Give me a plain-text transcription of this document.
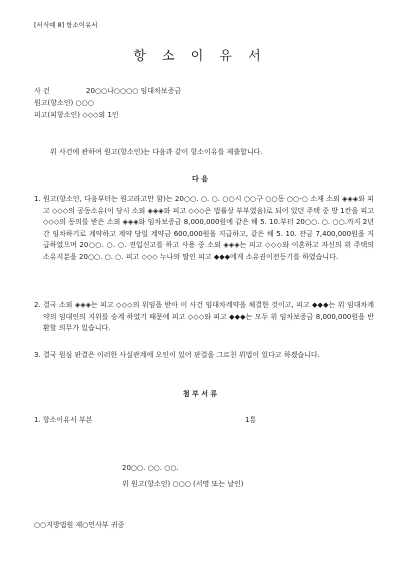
[서식예 8] 항소이유서
항 소 이 유 서
사 건	20○○나○○○○ 임대차보증금
원고(항소인) ○○○
피고(피항소인) ◇◇◇외 1인
위 사건에 관하여 원고(항소인)는 다음과 같이 항소이유를 제출합니다.
다 음
1. 원고(항소인, 다음부터는 원고라고만 함)는 20○○. ○. ○. ○○시 ○○구 ○○동 ○○-○ 소재 소외 ◈◈◈와 피고 ◇◇◇의 공동소유(이 당시 소외 ◈◈◈와 피고 ◇◇◇은 법률상 부부였음)로 되어 있던 주택 중 방 1칸을 피고 ◇◇◇의 동의를 받은 소외 ◈◈◈와 임차보증금 8,000,000원에 같은 해 5. 10.부터 20○○. ○. ○○.까지 2년간 임차하기로 계약하고 계약 당일 계약금 600,000원을 지급하고, 같은 해 5. 10. 잔금 7,400,000원을 지급하였으며 20○○. ○. ○. 전입신고를 하고 사용 중 소외 ◈◈◈는 피고 ◇◇◇와 이혼하고 자신의 위 주택의 소유지분을 20○○. ○. ○. 피고 ◇◇◇ 누나의 딸인 피고 ◆◆◆에게 소유권이전등기를 하였습니다.
2. 결국 소외 ◈◈◈는 피고 ◇◇◇의 위임을 받아 이 사건 임대차계약을 체결한 것이고, 피고 ◆◆◆는 위 임대차계약의 임대인의 지위를 승계 하였기 때문에 피고 ◇◇◇와 피고 ◆◆◆는 모두 위 임차보증금 8,000,000원을 반환할 의무가 있습니다.
3. 결국 원심 판결은 이러한 사실관계에 오인이 있어 판결을 그르친 위법이 있다고 하겠습니다.
첨 부 서 류
1. 항소이유서 부본	1통
20○○. ○○. ○○.
위 원고(항소인) ○○○ (서명 또는 날인)
○○지방법원 제○민사부 귀중
